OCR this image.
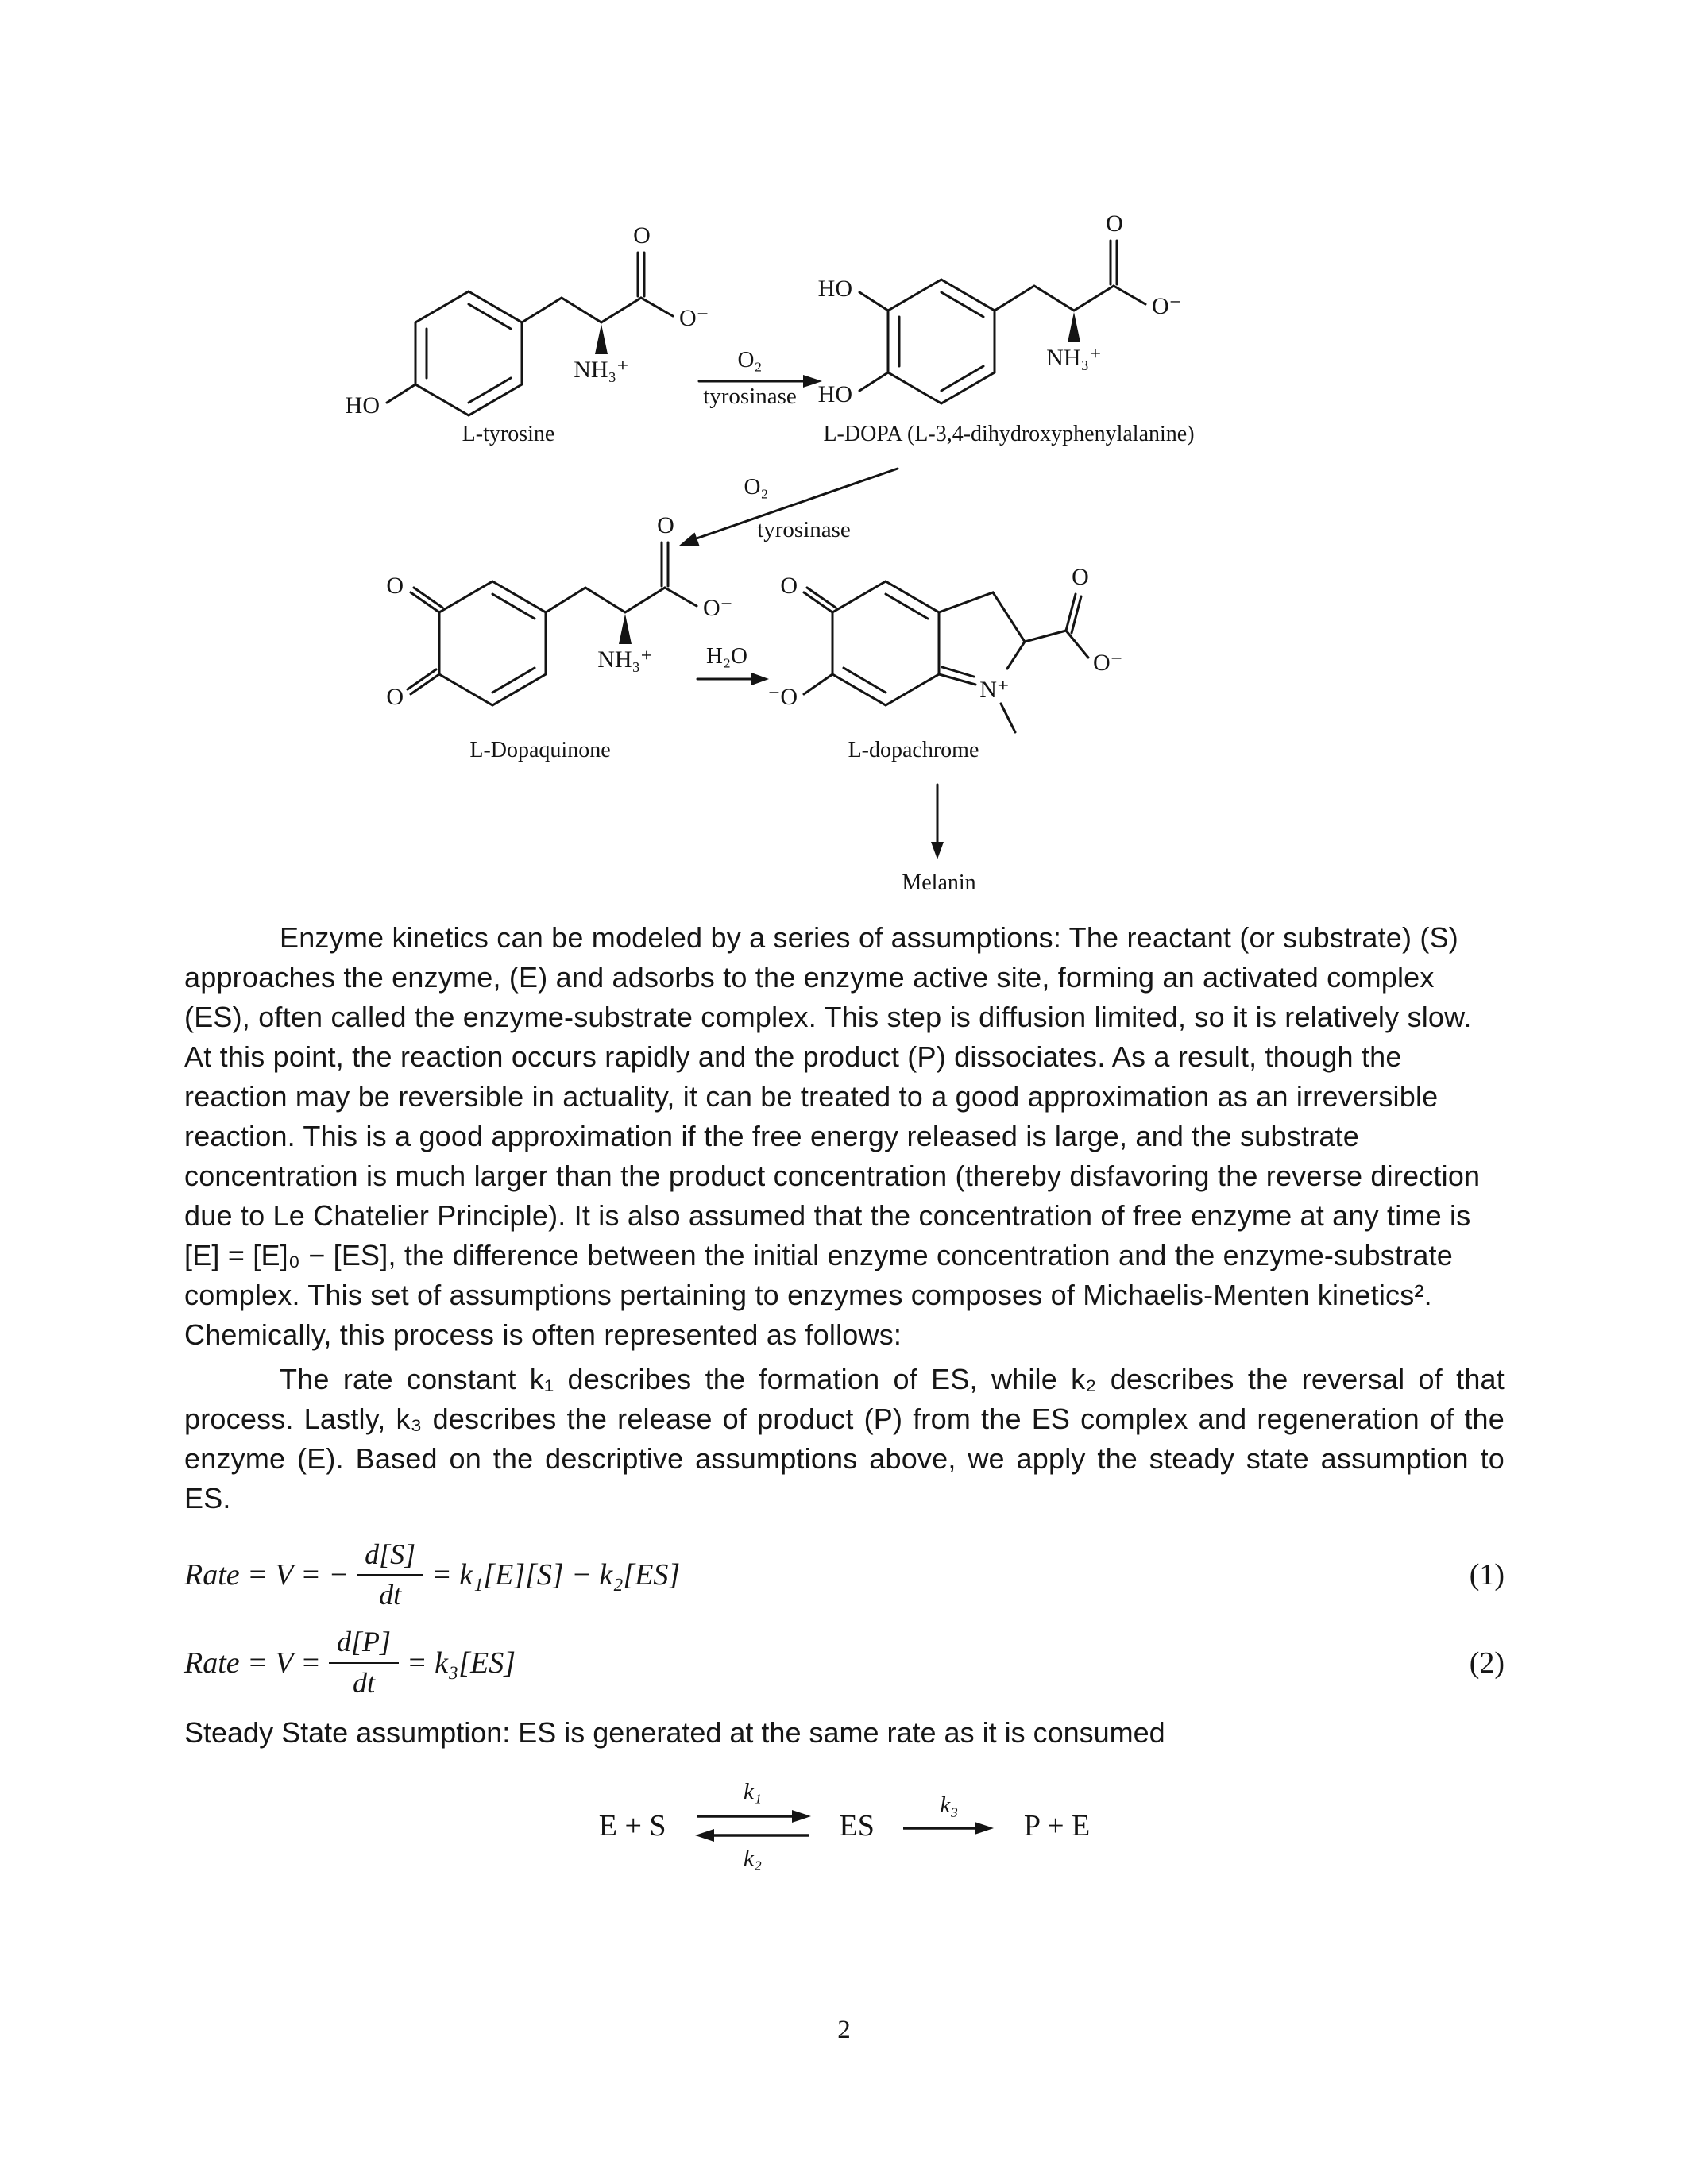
HO
O
O⁻
NH₃⁺
L-tyrosine
O₂
tyrosinase
HO
HO
O
O⁻
NH₃⁺
L-DOPA (L-3,4-dihydroxyphenylalanine)
O₂
tyrosinase
O
O
O
O⁻
NH₃⁺
L-Dopaquinone
H₂O
O
⁻O	N⁺
O
O⁻
L-dopachrome
Melanin

Enzyme kinetics can be modeled by a series of assumptions: The reactant (or substrate) (S) approaches the enzyme, (E) and adsorbs to the enzyme active site, forming an activated complex (ES), often called the enzyme-substrate complex. This step is diffusion limited, so it is relatively slow. At this point, the reaction occurs rapidly and the product (P) dissociates. As a result, though the reaction may be reversible in actuality, it can be treated to a good approximation as an irreversible reaction. This is a good approximation if the free energy released is large, and the substrate concentration is much larger than the product concentration (thereby disfavoring the reverse direction due to Le Chatelier Principle). It is also assumed that the concentration of free enzyme at any time is [E] = [E]₀ − [ES], the difference between the initial enzyme concentration and the enzyme-substrate complex. This set of assumptions pertaining to enzymes composes of Michaelis-Menten kinetics². Chemically, this process is often represented as follows:

The rate constant k₁ describes the formation of ES, while k₂ describes the reversal of that process. Lastly, k₃ describes the release of product (P) from the ES complex and regeneration of the enzyme (E). Based on the descriptive assumptions above, we apply the steady state assumption to ES.

Rate = V = − $\frac{d[S]}{dt} = k_1[E][S] - k_2[ES]$	(1)
Rate = $V = \frac{d[P]}{dt} = k_3[ES]$	(2)
Steady State assumption: ES is generated at the same rate as it is consumed
E + S
k₁
k₂
ES
k₃
P + E
2
